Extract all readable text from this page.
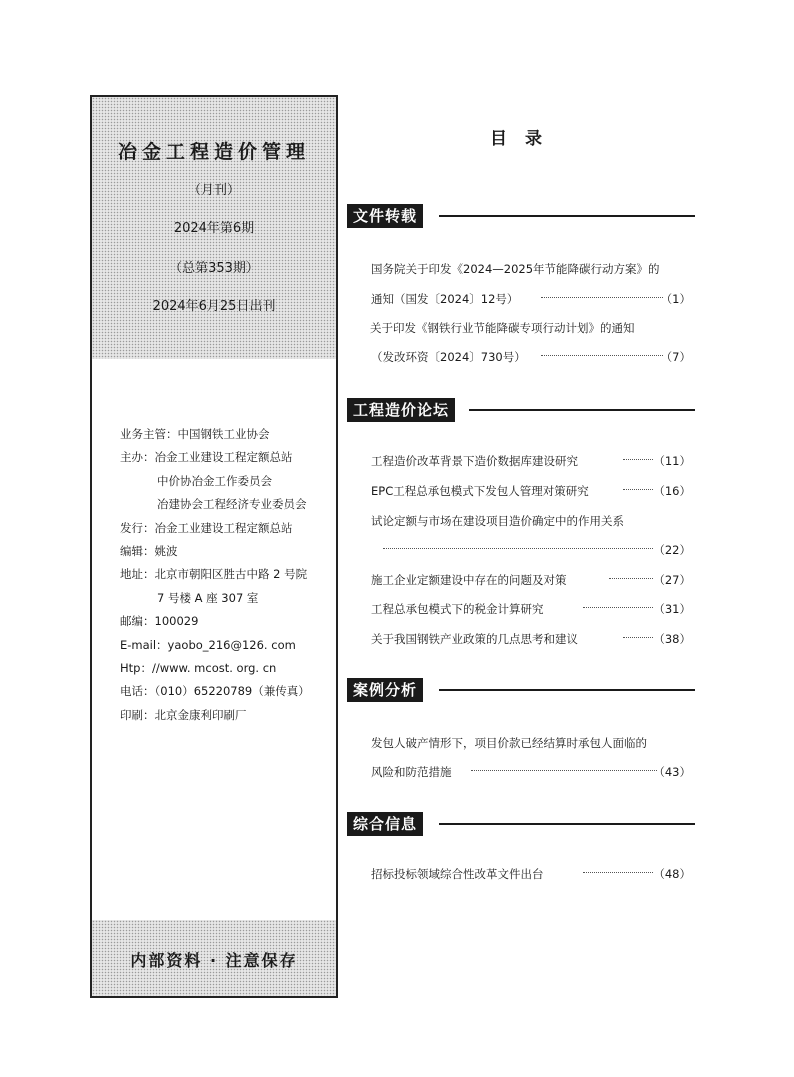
冶金工程造价管理
（月刊）
2024年第6期
（总第353期）
2024年6月25日出刊
业务主管：中国钢铁工业协会
主办：冶金工业建设工程定额总站
中价协冶金工作委员会
冶建协会工程经济专业委员会
发行：冶金工业建设工程定额总站
编辑：姚波
地址：北京市朝阳区胜古中路 2 号院
7 号楼 A 座 307 室
邮编：100029
E-mail：yaobo_216@126. com
Htp：//www. mcost. org. cn
电话：（010）65220789（兼传真）
印刷：北京金康利印刷厂
内部资料 · 注意保存
目 录
文件转载
国务院关于印发《2024—2025年节能降碳行动方案》的
通知（国发〔2024〕12号）	（1）
关于印发《钢铁行业节能降碳专项行动计划》的通知
（发改环资〔2024〕730号）	（7）
工程造价论坛
工程造价改革背景下造价数据库建设研究	（11）
EPC工程总承包模式下发包人管理对策研究	（16）
试论定额与市场在建设项目造价确定中的作用关系
（22）
施工企业定额建设中存在的问题及对策	（27）
工程总承包模式下的税金计算研究	（31）
关于我国钢铁产业政策的几点思考和建议	（38）
案例分析
发包人破产情形下，项目价款已经结算时承包人面临的
风险和防范措施	（43）
综合信息
招标投标领域综合性改革文件出台	（48）
